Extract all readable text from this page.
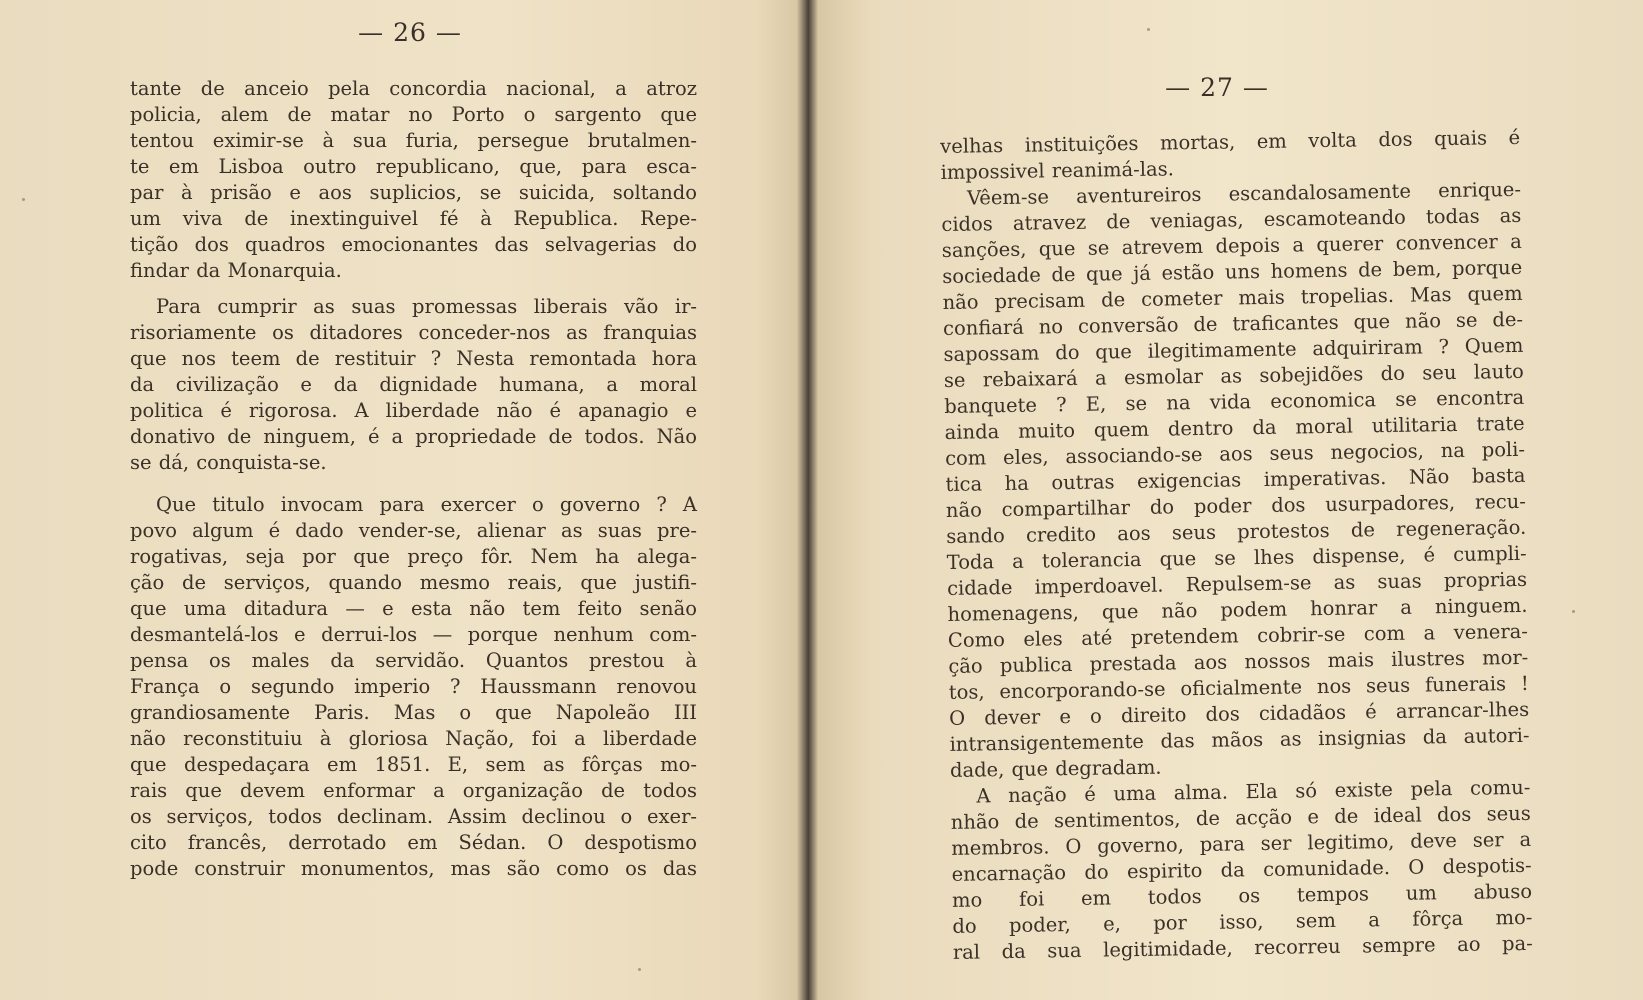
— 26 —
tante de anceio pela concordia nacional, a atroz
policia, alem de matar no Porto o sargento que
tentou eximir-se à sua furia, persegue brutalmen-
te em Lisboa outro republicano, que, para esca-
par à prisão e aos suplicios, se suicida, soltando
um viva de inextinguivel fé à Republica. Repe-
tição dos quadros emocionantes das selvagerias do
findar da Monarquia.
Para cumprir as suas promessas liberais vão ir-
risoriamente os ditadores conceder-nos as franquias
que nos teem de restituir ? Nesta remontada hora
da civilização e da dignidade humana, a moral
politica é rigorosa. A liberdade não é apanagio e
donativo de ninguem, é a propriedade de todos. Não
se dá, conquista-se.
Que titulo invocam para exercer o governo ? A
povo algum é dado vender-se, alienar as suas pre-
rogativas, seja por que preço fôr. Nem ha alega-
ção de serviços, quando mesmo reais, que justifi-
que uma ditadura — e esta não tem feito senão
desmantelá-los e derrui-los — porque nenhum com-
pensa os males da servidão. Quantos prestou à
França o segundo imperio ? Haussmann renovou
grandiosamente Paris. Mas o que Napoleão III
não reconstituiu à gloriosa Nação, foi a liberdade
que despedaçara em 1851. E, sem as fôrças mo-
rais que devem enformar a organização de todos
os serviços, todos declinam. Assim declinou o exer-
cito francês, derrotado em Sédan. O despotismo
pode construir monumentos, mas são como os das
— 27 —
velhas instituições mortas, em volta dos quais é
impossivel reanimá-las.
Vêem-se aventureiros escandalosamente enrique-
cidos atravez de veniagas, escamoteando todas as
sanções, que se atrevem depois a querer convencer a
sociedade de que já estão uns homens de bem, porque
não precisam de cometer mais tropelias. Mas quem
confiará no conversão de traficantes que não se de-
sapossam do que ilegitimamente adquiriram ? Quem
se rebaixará a esmolar as sobejidões do seu lauto
banquete ? E, se na vida economica se encontra
ainda muito quem dentro da moral utilitaria trate
com eles, associando-se aos seus negocios, na poli-
tica ha outras exigencias imperativas. Não basta
não compartilhar do poder dos usurpadores, recu-
sando credito aos seus protestos de regeneração.
Toda a tolerancia que se lhes dispense, é cumpli-
cidade imperdoavel. Repulsem-se as suas proprias
homenagens, que não podem honrar a ninguem.
Como eles até pretendem cobrir-se com a venera-
ção publica prestada aos nossos mais ilustres mor-
tos, encorporando-se oficialmente nos seus funerais !
O dever e o direito dos cidadãos é arrancar-lhes
intransigentemente das mãos as insignias da autori-
dade, que degradam.
A nação é uma alma. Ela só existe pela comu-
nhão de sentimentos, de acção e de ideal dos seus
membros. O governo, para ser legitimo, deve ser a
encarnação do espirito da comunidade. O despotis-
mo foi em todos os tempos um abuso
do poder, e, por isso, sem a fôrça mo-
ral da sua legitimidade, recorreu sempre ao pa-
